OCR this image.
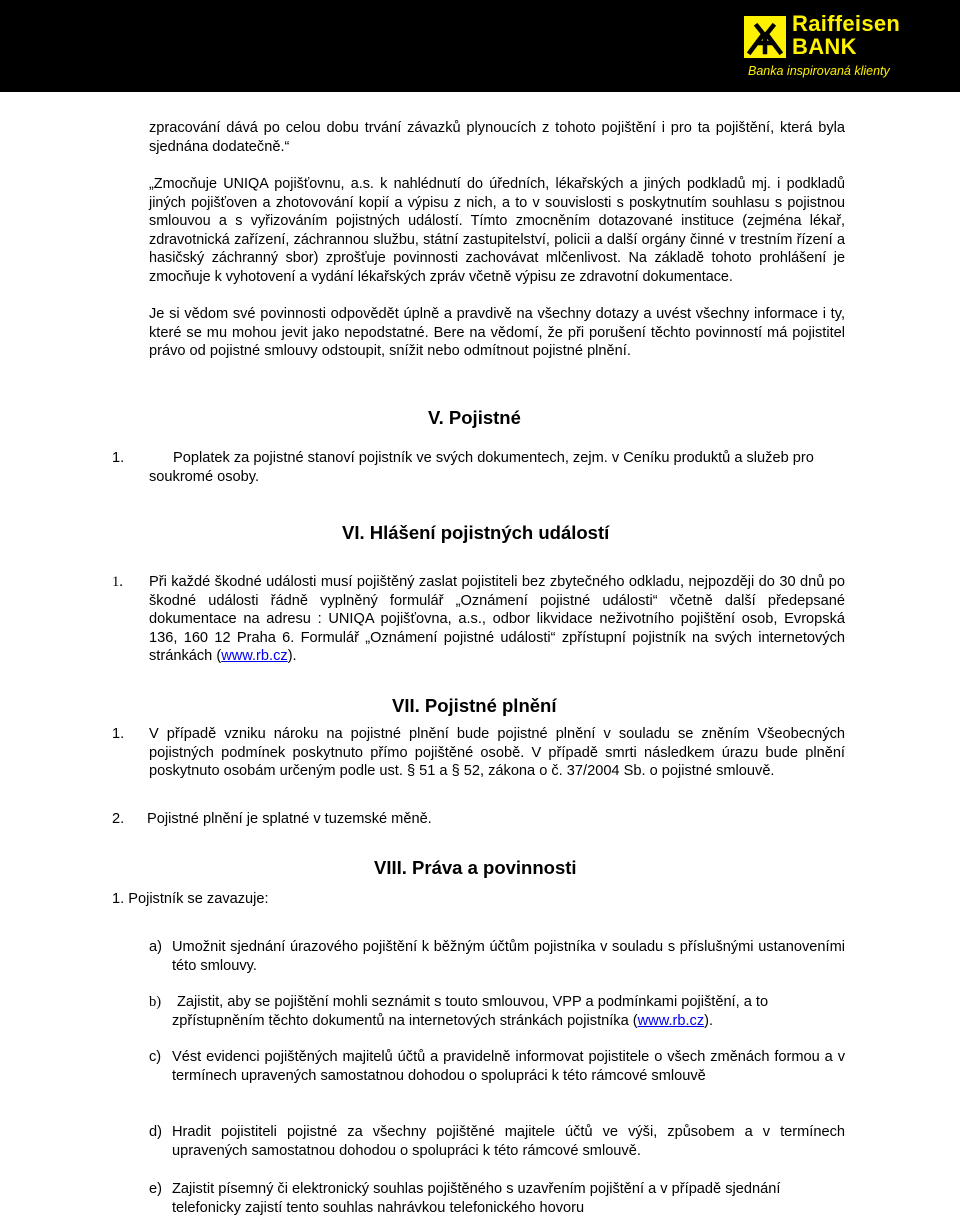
Raiffeisen
BANK
Banka inspirovaná klienty

zpracování dává po celou dobu trvání závazků plynoucích z tohoto pojištění i pro ta pojištění, která byla sjednána dodatečně.“

„Zmocňuje UNIQA pojišťovnu, a.s. k nahlédnutí do úředních, lékařských a jiných podkladů mj. i podkladů jiných pojišťoven a zhotovování kopií a výpisu z nich, a to v souvislosti s poskytnutím souhlasu s pojistnou smlouvou a s vyřizováním pojistných událostí. Tímto zmocněním dotazované instituce (zejména lékař, zdravotnická zařízení, záchrannou službu, státní zastupitelství, policii a další orgány činné v trestním řízení a hasičský záchranný sbor) zprošťuje povinnosti zachovávat mlčenlivost. Na základě tohoto prohlášení je zmocňuje k vyhotovení a vydání lékařských zpráv včetně výpisu ze zdravotní dokumentace.

Je si vědom své povinnosti odpovědět úplně a pravdivě na všechny dotazy a uvést všechny informace i ty, které se mu mohou jevit jako nepodstatné. Bere na vědomí, že při porušení těchto povinností má pojistitel právo od pojistné smlouvy odstoupit, snížit nebo odmítnout pojistné plnění.

V. Pojistné
1.	Poplatek za pojistné stanoví pojistník ve svých dokumentech, zejm. v Ceníku produktů a služeb pro soukromé osoby.

VI. Hlášení pojistných událostí
1. Při každé škodné události musí pojištěný zaslat pojistiteli bez zbytečného odkladu, nejpozději do 30 dnů po škodné události řádně vyplněný formulář „Oznámení pojistné události“ včetně další předepsané dokumentace na adresu : UNIQA pojišťovna, a.s., odbor likvidace neživotního pojištění osob, Evropská 136, 160 12 Praha 6. Formulář „Oznámení pojistné události“ zpřístupní pojistník na svých internetových stránkách (www.rb.cz).

VII. Pojistné plnění
1. V případě vzniku nároku na pojistné plnění bude pojistné plnění v souladu se zněním Všeobecných pojistných podmínek poskytnuto přímo pojištěné osobě. V případě smrti následkem úrazu bude plnění poskytnuto osobám určeným podle ust. § 51 a § 52, zákona o č. 37/2004 Sb. o pojistné smlouvě.

2. Pojistné plnění je splatné v tuzemské měně.

VIII. Práva a povinnosti

1. Pojistník se zavazuje:

a) Umožnit sjednání úrazového pojištění k běžným účtům pojistníka v souladu s příslušnými ustanoveními této smlouvy.

b)	Zajistit, aby se pojištění mohli seznámit s touto smlouvou, VPP a podmínkami pojištění, a to zpřístupněním těchto dokumentů na internetových stránkách pojistníka (www.rb.cz).

c) Vést evidenci pojištěných majitelů účtů a pravidelně informovat pojistitele o všech změnách formou a v termínech upravených samostatnou dohodou o spolupráci k této rámcové smlouvě

d) Hradit pojistiteli pojistné za všechny pojištěné majitele účtů ve výši, způsobem a v termínech upravených samostatnou dohodou o spolupráci k této rámcové smlouvě.

e) Zajistit písemný či elektronický souhlas pojištěného s uzavřením pojištění a v případě sjednání telefonicky zajistí tento souhlas nahrávkou telefonického hovoru
